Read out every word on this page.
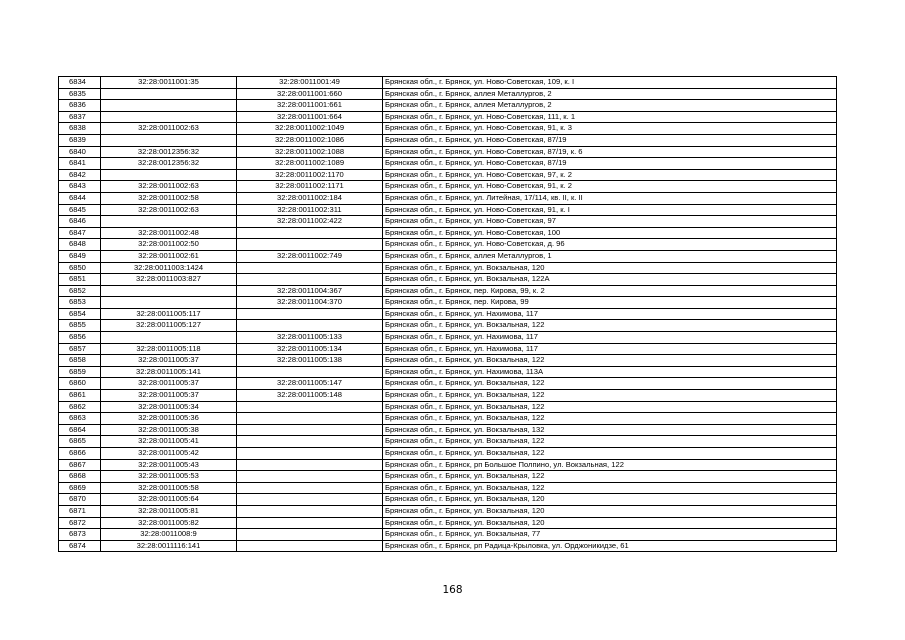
6834	32:28:0011001:35	32:28:0011001:49	Брянская обл., г. Брянск, ул. Ново-Советская, 109, к. I
6835		32:28:0011001:660	Брянская обл., г. Брянск, аллея Металлургов, 2
6836		32:28:0011001:661	Брянская обл., г. Брянск, аллея Металлургов, 2
6837		32:28:0011001:664	Брянская обл., г. Брянск, ул. Ново-Советская, 111, к. 1
6838	32:28:0011002:63	32:28:0011002:1049	Брянская обл., г. Брянск, ул. Ново-Советская, 91, к. 3
6839		32:28:0011002:1086	Брянская обл., г. Брянск, ул. Ново-Советская, 87/19
6840	32:28:0012356:32	32:28:0011002:1088	Брянская обл., г. Брянск, ул. Ново-Советская, 87/19, к. 6
6841	32:28:0012356:32	32:28:0011002:1089	Брянская обл., г. Брянск, ул. Ново-Советская, 87/19
6842		32:28:0011002:1170	Брянская обл., г. Брянск, ул. Ново-Советская, 97, к. 2
6843	32:28:0011002:63	32:28:0011002:1171	Брянская обл., г. Брянск, ул. Ново-Советская, 91, к. 2
6844	32:28:0011002:58	32:28:0011002:184	Брянская обл., г. Брянск, ул. Литейная, 17/114, кв. II, к. II
6845	32:28:0011002:63	32:28:0011002:311	Брянская обл., г. Брянск, ул. Ново-Советская, 91, к. I
6846		32:28:0011002:422	Брянская обл., г. Брянск, ул. Ново-Советская, 97
6847	32:28:0011002:48		Брянская обл., г. Брянск, ул. Ново-Советская, 100
6848	32:28:0011002:50		Брянская обл., г. Брянск, ул. Ново-Советская, д. 96
6849	32:28:0011002:61	32:28:0011002:749	Брянская обл., г. Брянск, аллея Металлургов, 1
6850	32:28:0011003:1424		Брянская обл., г. Брянск, ул. Вокзальная, 120
6851	32:28:0011003:827		Брянская обл., г. Брянск, ул. Вокзальная, 122А
6852		32:28:0011004:367	Брянская обл., г. Брянск, пер. Кирова, 99, к. 2
6853		32:28:0011004:370	Брянская обл., г. Брянск, пер. Кирова, 99
6854	32:28:0011005:117		Брянская обл., г. Брянск, ул. Нахимова, 117
6855	32:28:0011005:127		Брянская обл., г. Брянск, ул. Вокзальная, 122
6856		32:28:0011005:133	Брянская обл., г. Брянск, ул. Нахимова, 117
6857	32:28:0011005:118	32:28:0011005:134	Брянская обл., г. Брянск, ул. Нахимова, 117
6858	32:28:0011005:37	32:28:0011005:138	Брянская обл., г. Брянск, ул. Вокзальная, 122
6859	32:28:0011005:141		Брянская обл., г. Брянск, ул. Нахимова, 113А
6860	32:28:0011005:37	32:28:0011005:147	Брянская обл., г. Брянск, ул. Вокзальная, 122
6861	32:28:0011005:37	32:28:0011005:148	Брянская обл., г. Брянск, ул. Вокзальная, 122
6862	32:28:0011005:34		Брянская обл., г. Брянск, ул. Вокзальная, 122
6863	32:28:0011005:36		Брянская обл., г. Брянск, ул. Вокзальная, 122
6864	32:28:0011005:38		Брянская обл., г. Брянск, ул. Вокзальная, 132
6865	32:28:0011005:41		Брянская обл., г. Брянск, ул. Вокзальная, 122
6866	32:28:0011005:42		Брянская обл., г. Брянск, ул. Вокзальная, 122
6867	32:28:0011005:43		Брянская обл., г. Брянск, рп Большое Полпино, ул. Вокзальная, 122
6868	32:28:0011005:53		Брянская обл., г. Брянск, ул. Вокзальная, 122
6869	32:28:0011005:58		Брянская обл., г. Брянск, ул. Вокзальная, 122
6870	32:28:0011005:64		Брянская обл., г. Брянск, ул. Вокзальная, 120
6871	32:28:0011005:81		Брянская обл., г. Брянск, ул. Вокзальная, 120
6872	32:28:0011005:82		Брянская обл., г. Брянск, ул. Вокзальная, 120
6873	32:28:0011008:9		Брянская обл., г. Брянск, ул. Вокзальная, 77
6874	32:28:0011116:141		Брянская обл., г. Брянск, рп Радица-Крыловка, ул. Орджоникидзе, 61
168
